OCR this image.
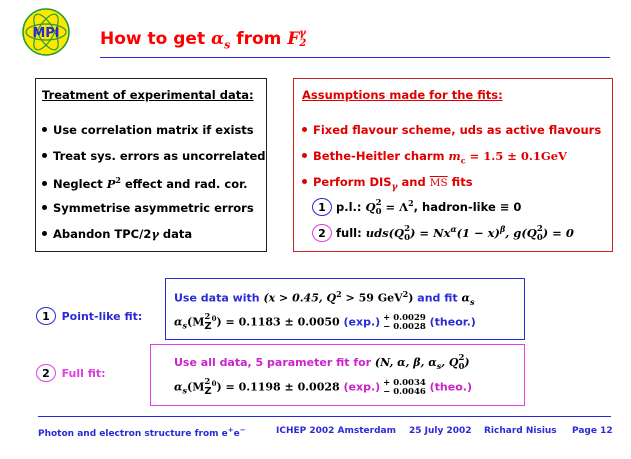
MPI How to get $\alpha_s$ from Fγ
2
Treatment of experimental data:
Use correlation matrix if exists
Treat sys. errors as uncorrelated
Neglect $P^2$ effect and rad. cor.
Symmetrise asymmetric errors
Abandon TPC/2γ data
Assumptions made for the fits:
Fixed flavour scheme, uds as active flavours
Bethe-Heitler charm $m_c = 1.5 \pm 0.1GeV$
Perform $DIS_\gamma$ and $\overline{MS}$ fits
1 p.l.: Q2
$0 = \Lambda^2$, hadron-like ≡ 0
2 full: uds(Q2
$0) = Nx^\alpha(1 - x)^\beta$, g(Q2
0) = 0
1 Point-like fit:
Use data with (x > 0.45, $Q^2 > 59$ GeV$^2$) and fit $\alpha_s$
$\alpha_s(M2$
$Z^0) = 0.1183 \pm 0.0050$ (exp.) + 0.0029
− 0.0028 (theor.)
2 Full fit:
Use all data, 5 parameter fit for (N, α, β, $\alpha_s$, Q2
0)
$\alpha_s(M2$
$Z^0) = 0.1198 \pm 0.0028$ (exp.) + 0.0034
− 0.0046 (theo.)
Photon and electron structure from e+e−	ICHEP 2002 Amsterdam 25 July 2002 Richard Nisius Page 12
